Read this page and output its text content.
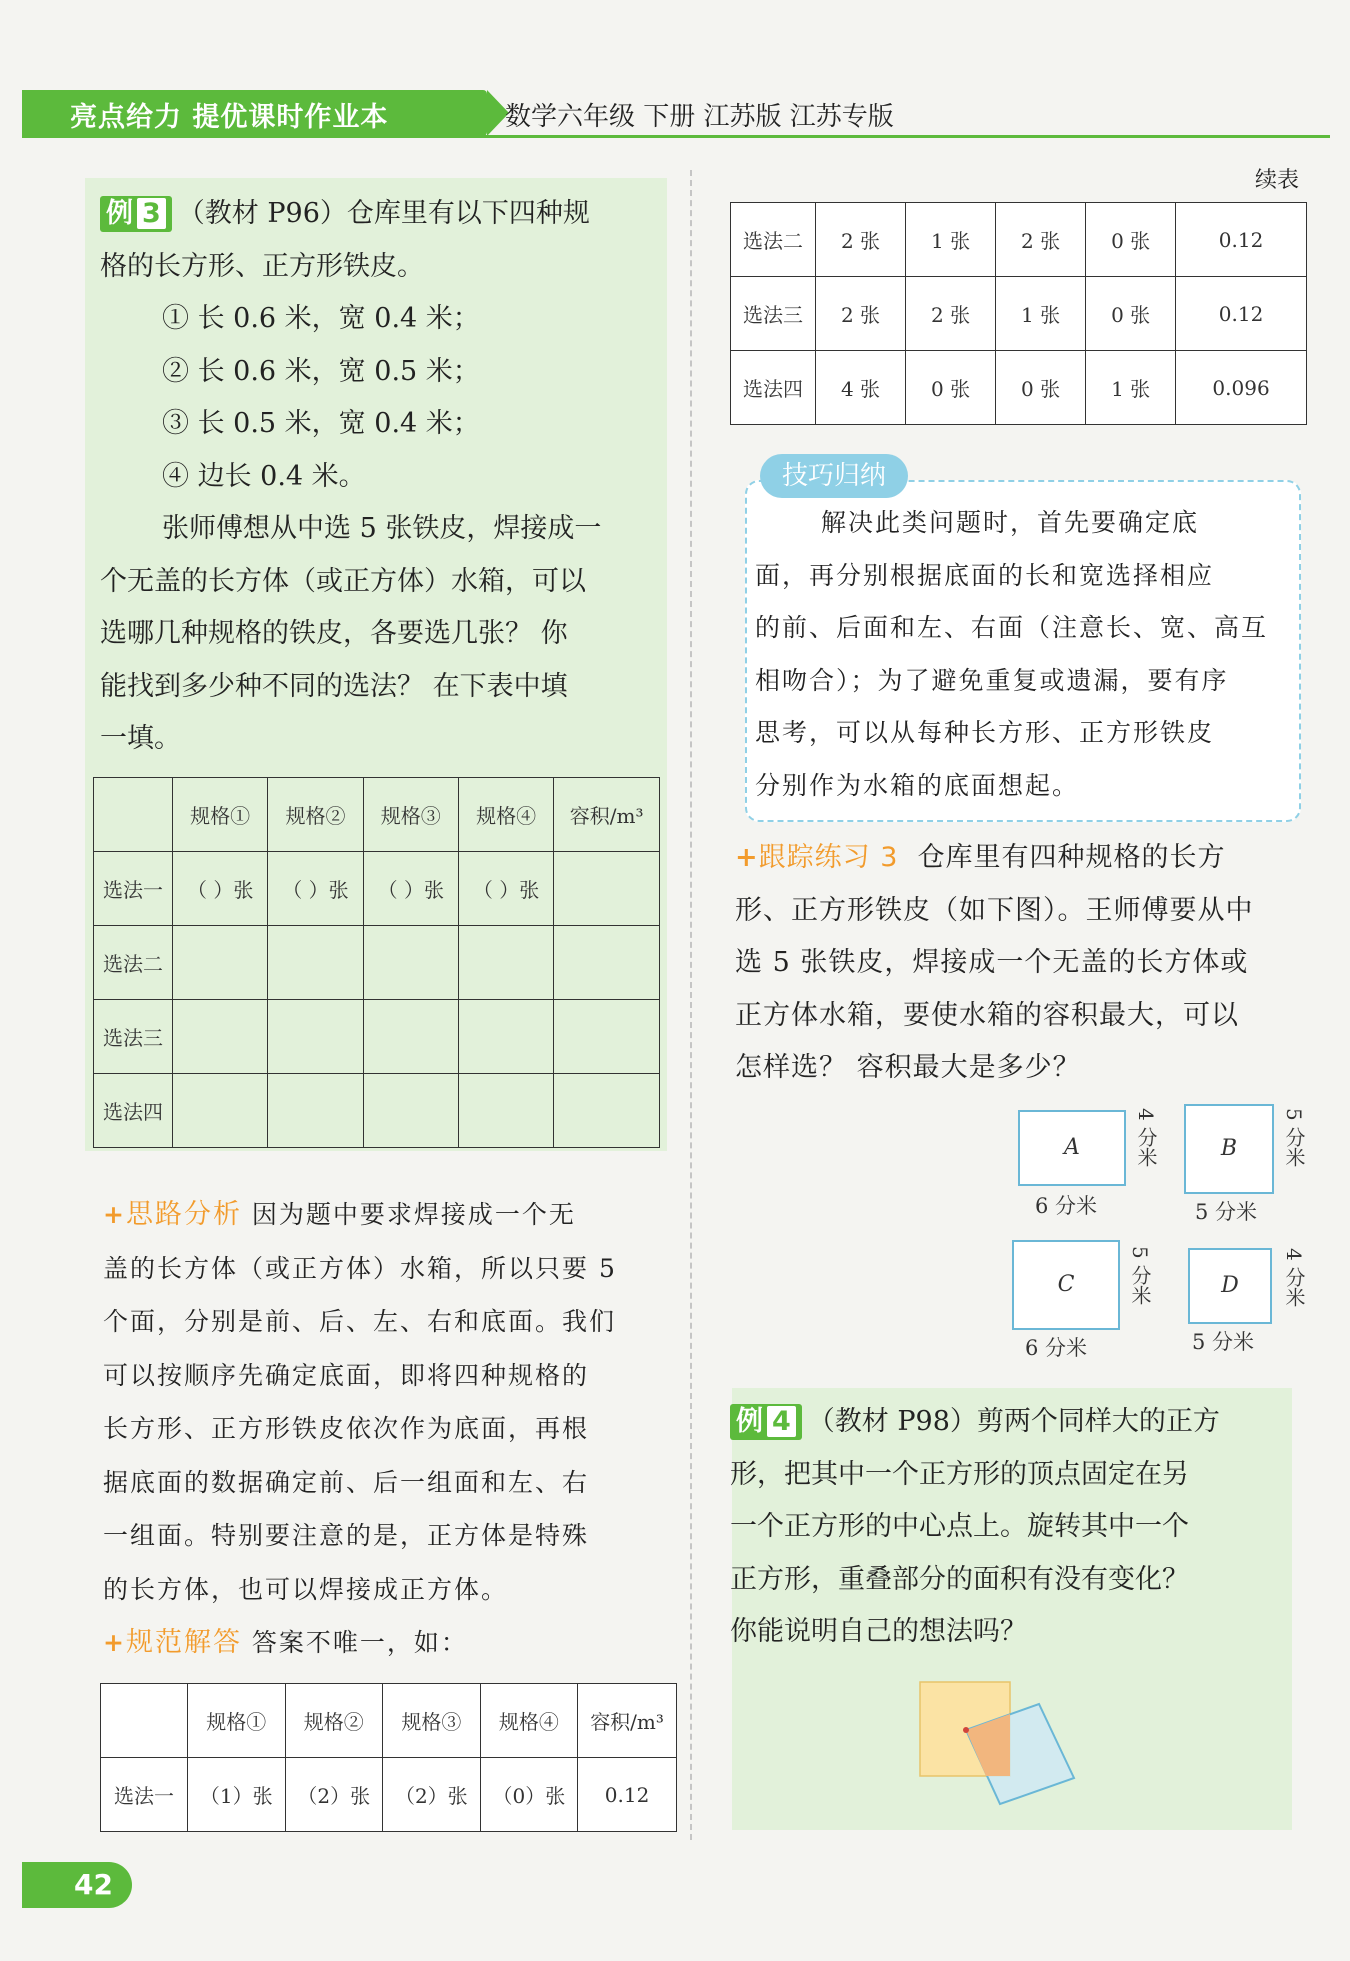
亮点给力 提优课时作业本	数学六年级 下册 江苏版 江苏专版
例 3 （教材 P96）仓库里有以下四种规
格的长方形、正方形铁皮。
① 长 0.6 米，宽 0.4 米；
② 长 0.6 米，宽 0.5 米；
③ 长 0.5 米，宽 0.4 米；
④ 边长 0.4 米。
张师傅想从中选 5 张铁皮，焊接成一
个无盖的长方体（或正方体）水箱，可以
选哪几种规格的铁皮，各要选几张？ 你
能找到多少种不同的选法？ 在下表中填
一填。
	规格①	规格②	规格③	规格④	容积/m³
选法一	（ ）张	（ ）张	（ ）张	（ ）张	
选法二					
选法三					
选法四					
+思路分析 因为题中要求焊接成一个无
盖的长方体（或正方体）水箱，所以只要 5
个面，分别是前、后、左、右和底面。我们
可以按顺序先确定底面，即将四种规格的
长方形、正方形铁皮依次作为底面，再根
据底面的数据确定前、后一组面和左、右
一组面。特别要注意的是，正方体是特殊
的长方体，也可以焊接成正方体。
+规范解答 答案不唯一，如：
	规格①	规格②	规格③	规格④	容积/m³
选法一	（1）张	（2）张	（2）张	（0）张	0.12
续表
选法二	2 张	1 张	2 张	0 张	0.12
选法三	2 张	2 张	1 张	0 张	0.12
选法四	4 张	0 张	0 张	1 张	0.096
技巧归纳
解决此类问题时，首先要确定底
面，再分别根据底面的长和宽选择相应
的前、后面和左、右面（注意长、宽、高互
相吻合）；为了避免重复或遗漏，要有序
思考，可以从每种长方形、正方形铁皮
分别作为水箱的底面想起。
+跟踪练习 3 仓库里有四种规格的长方
形、正方形铁皮（如下图）。王师傅要从中
选 5 张铁皮，焊接成一个无盖的长方体或
正方体水箱，要使水箱的容积最大，可以
怎样选？ 容积最大是多少？
A
6 分米
4 分米	B
5 分米
5 分米
C
6 分米
5 分米	D
5 分米
4 分米
例 4 （教材 P98）剪两个同样大的正方
形，把其中一个正方形的顶点固定在另
一个正方形的中心点上。旋转其中一个
正方形，重叠部分的面积有没有变化？
你能说明自己的想法吗？
42
